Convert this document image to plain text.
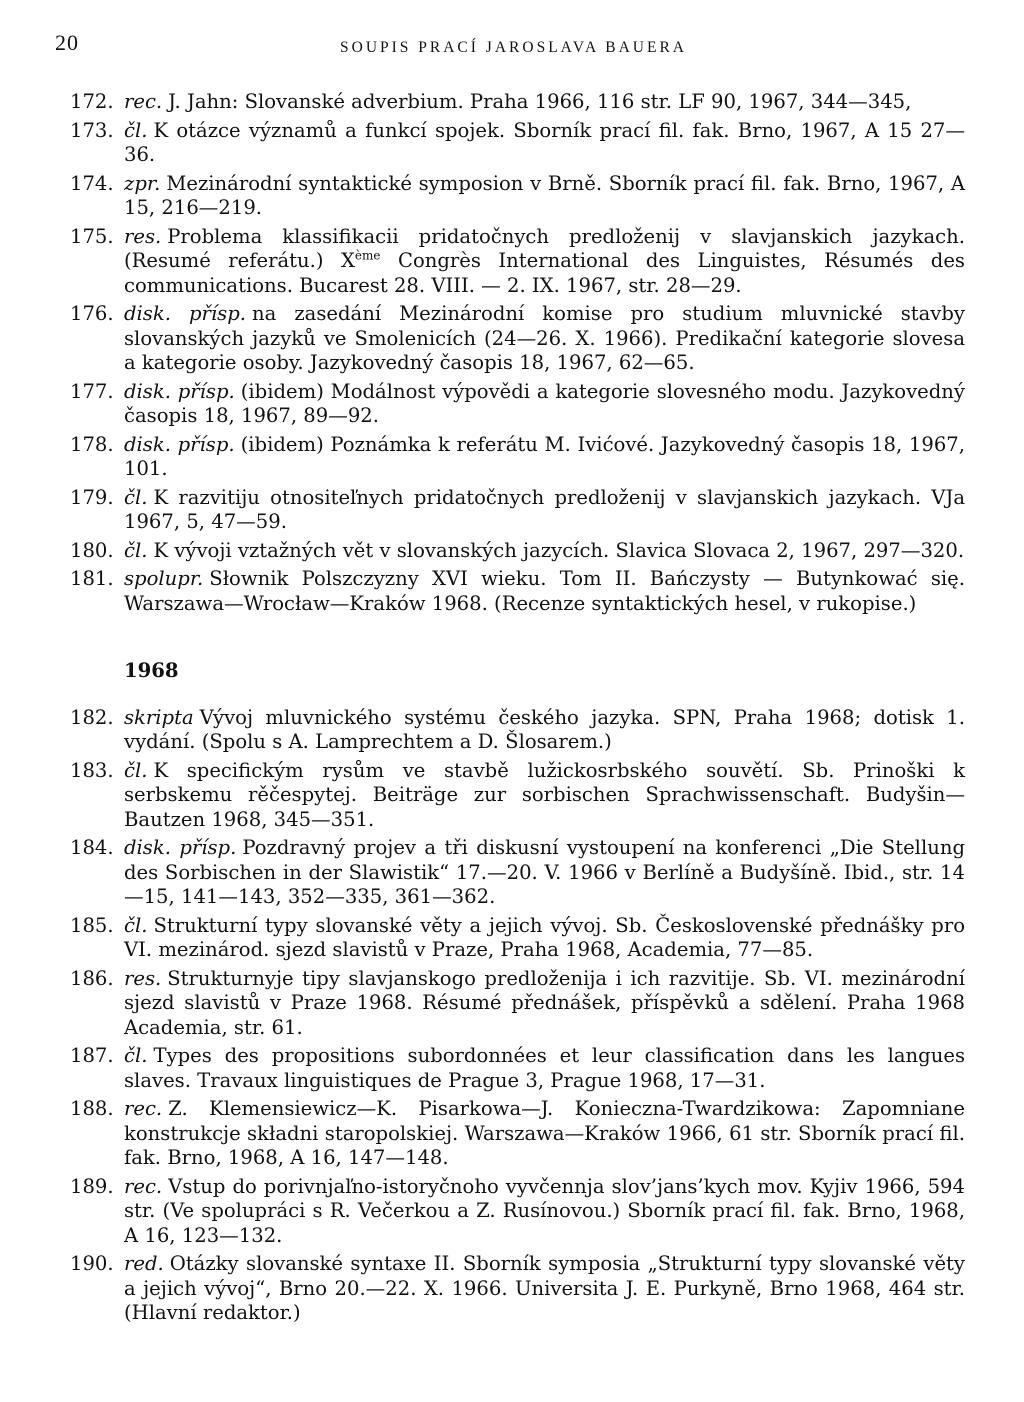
20	SOUPIS PRACÍ JAROSLAVA BAUERA
172. rec. J. Jahn: Slovanské adverbium. Praha 1966, 116 str. LF 90, 1967, 344—345,
173. čl. K otázce významů a funkcí spojek. Sborník prací fil. fak. Brno, 1967, A 15 27—36.
174. zpr. Mezinárodní syntaktické symposion v Brně. Sborník prací fil. fak. Brno, 1967, A 15, 216—219.
175. res. Problema klassifikacii pridatočnych predloženij v slavjanskich jazykach. (Resumé referátu.) Xème Congrès International des Linguistes, Résumés des communications. Bucarest 28. VIII. — 2. IX. 1967, str. 28—29.
176. disk. přísp. na zasedání Mezinárodní komise pro studium mluvnické stavby slovanských jazyků ve Smolenicích (24—26. X. 1966). Predikační kategorie slovesa a kategorie osoby. Jazykovedný časopis 18, 1967, 62—65.
177. disk. přísp. (ibidem) Modálnost výpovědi a kategorie slovesného modu. Jazykovedný časopis 18, 1967, 89—92.
178. disk. přísp. (ibidem) Poznámka k referátu M. Ivićové. Jazykovedný časopis 18, 1967, 101.
179. čl. K razvitiju otnositeľnych pridatočnych predloženij v slavjanskich jazykach. VJa 1967, 5, 47—59.
180. čl. K vývoji vztažných vět v slovanských jazycích. Slavica Slovaca 2, 1967, 297—320.
181. spolupr. Słownik Polszczyzny XVI wieku. Tom II. Bańczysty — Butynkować się. Warszawa—Wrocław—Kraków 1968. (Recenze syntaktických hesel, v rukopise.)
1968
182. skripta Vývoj mluvnického systému českého jazyka. SPN, Praha 1968; dotisk 1. vydání. (Spolu s A. Lamprechtem a D. Šlosarem.)
183. čl. K specifickým rysům ve stavbě lužickosrbského souvětí. Sb. Prinoški k serbskemu rěčespytej. Beiträge zur sorbischen Sprachwissenschaft. Budyšin—Bautzen 1968, 345—351.
184. disk. přísp. Pozdravný projev a tři diskusní vystoupení na konferenci „Die Stellung des Sorbischen in der Slawistik“ 17.—20. V. 1966 v Berlíně a Budyšíně. Ibid., str. 14—15, 141—143, 352—335, 361—362.
185. čl. Strukturní typy slovanské věty a jejich vývoj. Sb. Československé přednášky pro VI. mezinárod. sjezd slavistů v Praze, Praha 1968, Academia, 77—85.
186. res. Strukturnyje tipy slavjanskogo predloženija i ich razvitije. Sb. VI. mezinárodní sjezd slavistů v Praze 1968. Résumé přednášek, příspěvků a sdělení. Praha 1968 Academia, str. 61.
187. čl. Types des propositions subordonnées et leur classification dans les langues slaves. Travaux linguistiques de Prague 3, Prague 1968, 17—31.
188. rec. Z. Klemensiewicz—K. Pisarkowa—J. Konieczna-Twardzikowa: Zapomniane konstrukcje składni staropolskiej. Warszawa—Kraków 1966, 61 str. Sborník prací fil. fak. Brno, 1968, A 16, 147—148.
189. rec. Vstup do porivnjaľno-istoryčnoho vyvčennja slov’jans’kych mov. Kyjiv 1966, 594 str. (Ve spolupráci s R. Večerkou a Z. Rusínovou.) Sborník prací fil. fak. Brno, 1968, A 16, 123—132.
190. red. Otázky slovanské syntaxe II. Sborník symposia „Strukturní typy slovanské věty a jejich vývoj“, Brno 20.—22. X. 1966. Universita J. E. Purkyně, Brno 1968, 464 str. (Hlavní redaktor.)
